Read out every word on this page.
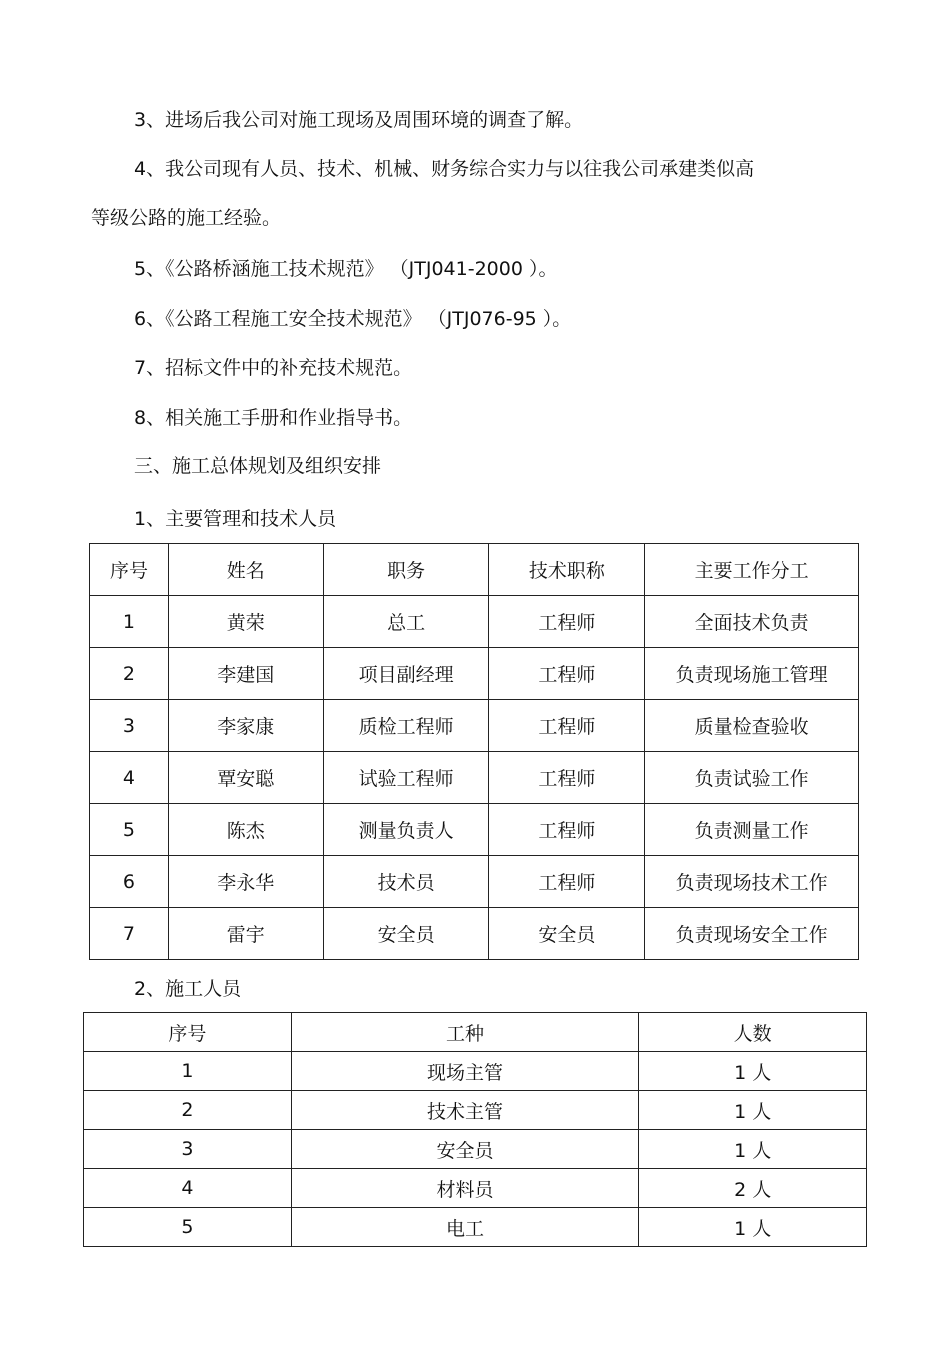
3、进场后我公司对施工现场及周围环境的调查了解。
4、我公司现有人员、技术、机械、财务综合实力与以往我公司承建类似高
等级公路的施工经验。
5、《公路桥涵施工技术规范》 （JTJ041-2000 ）。
6、《公路工程施工安全技术规范》 （JTJ076-95 ）。
7、招标文件中的补充技术规范。
8、相关施工手册和作业指导书。
三、施工总体规划及组织安排
1、主要管理和技术人员
序号	姓名	职务	技术职称	主要工作分工
1	黄荣	总工	工程师	全面技术负责
2	李建国	项目副经理	工程师	负责现场施工管理
3	李家康	质检工程师	工程师	质量检查验收
4	覃安聪	试验工程师	工程师	负责试验工作
5	陈杰	测量负责人	工程师	负责测量工作
6	李永华	技术员	工程师	负责现场技术工作
7	雷宇	安全员	安全员	负责现场安全工作
2、施工人员
序号	工种	人数
1	现场主管	1 人
2	技术主管	1 人
3	安全员	1 人
4	材料员	2 人
5	电工	1 人
